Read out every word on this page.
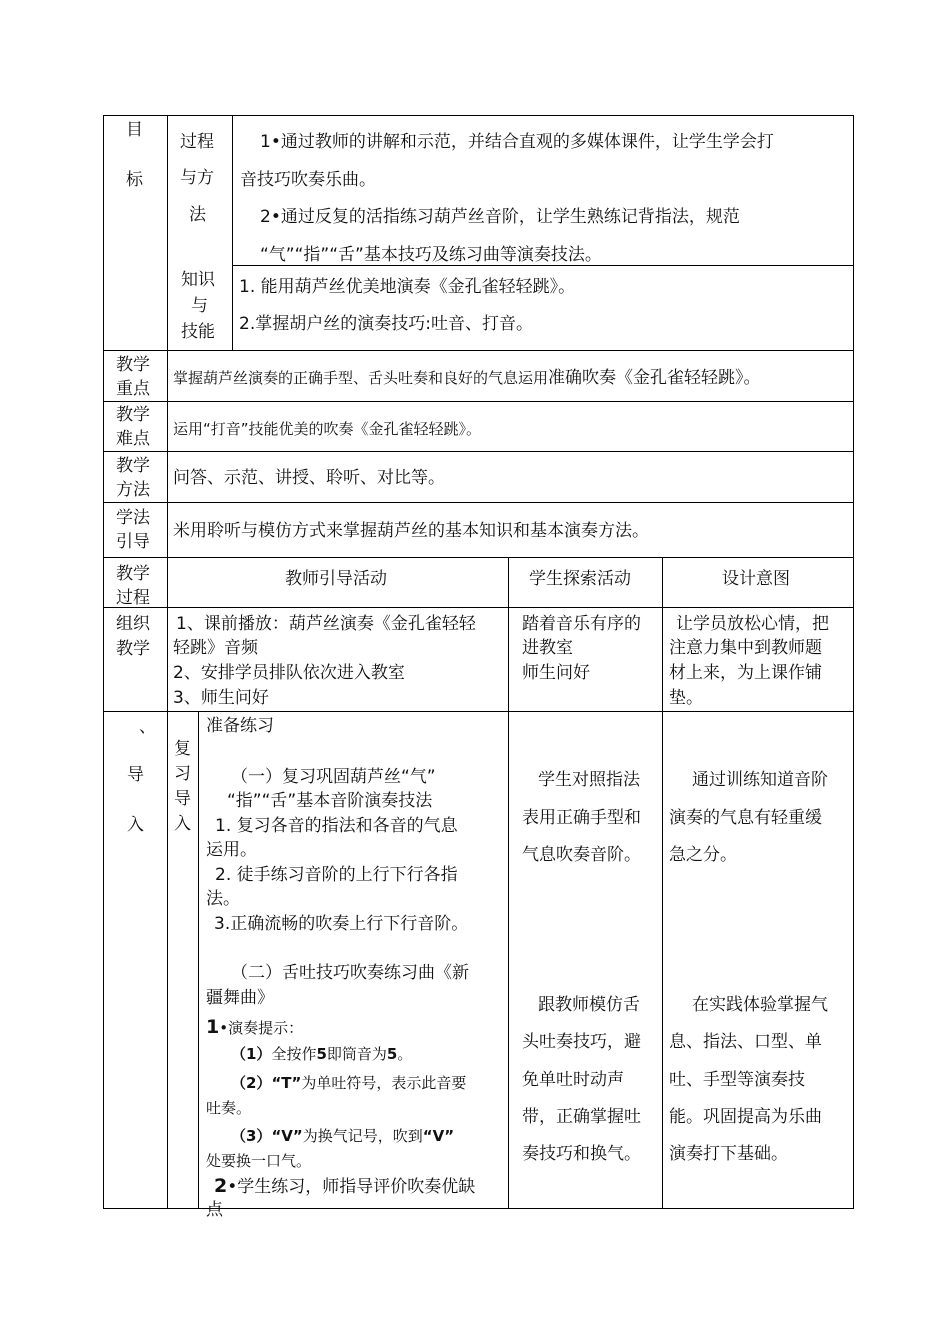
目
标
过程
与方
法
1•通过教师的讲解和示范，并结合直观的多媒体课件，让学生学会打
音技巧吹奏乐曲。
2•通过反复的活指练习葫芦丝音阶，让学生熟练记背指法，规范
“气”“指”“舌”基本技巧及练习曲等演奏技法。
知识
与
技能
1. 能用葫芦丝优美地演奏《金孔雀轻轻跳》。
2.掌握胡户丝的演奏技巧:吐音、打音。
教学
重点
掌握葫芦丝演奏的正确手型、舌头吐奏和良好的气息运用准确吹奏《金孔雀轻轻跳》。
教学
难点 运用“打音”技能优美的吹奏《金孔雀轻轻跳》。
教学
方法
问答、示范、讲授、聆听、对比等。
学法
引导
米用聆听与模仿方式来掌握葫芦丝的基本知识和基本演奏方法。
教学
过程
教师引导活动	学生探索活动	设计意图
组织
教学
1、课前播放：葫芦丝演奏《金孔雀轻轻
轻跳》音频
2、安排学员排队依次进入教室
3、师生问好
踏着音乐有序的
进教室
师生问好
让学员放松心情，把
注意力集中到教师题
材上来，为上课作铺
垫。
、
导
入
复
习
导
入
准备练习
（一）复习巩固葫芦丝“气”
“指”“舌”基本音阶演奏技法
1. 复习各音的指法和各音的气息
运用。
2. 徒手练习音阶的上行下行各指
法。
3.正确流畅的吹奏上行下行音阶。
（二）舌吐技巧吹奏练习曲《新
疆舞曲》
1•演奏提示：
（1）全按作5即筒音为5。
（2）“T”为单吐符号，表示此音要
吐奏。
（3）“V”为换气记号，吹到“V”
处要换一口气。
2•学生练习，师指导评价吹奏优缺
点
学生对照指法
表用正确手型和
气息吹奏音阶。
跟教师模仿舌
头吐奏技巧，避
免单吐时动声
带，正确掌握吐
奏技巧和换气。
通过训练知道音阶
演奏的气息有轻重缓
急之分。
在实践体验掌握气
息、指法、口型、单
吐、手型等演奏技
能。巩固提高为乐曲
演奏打下基础。
